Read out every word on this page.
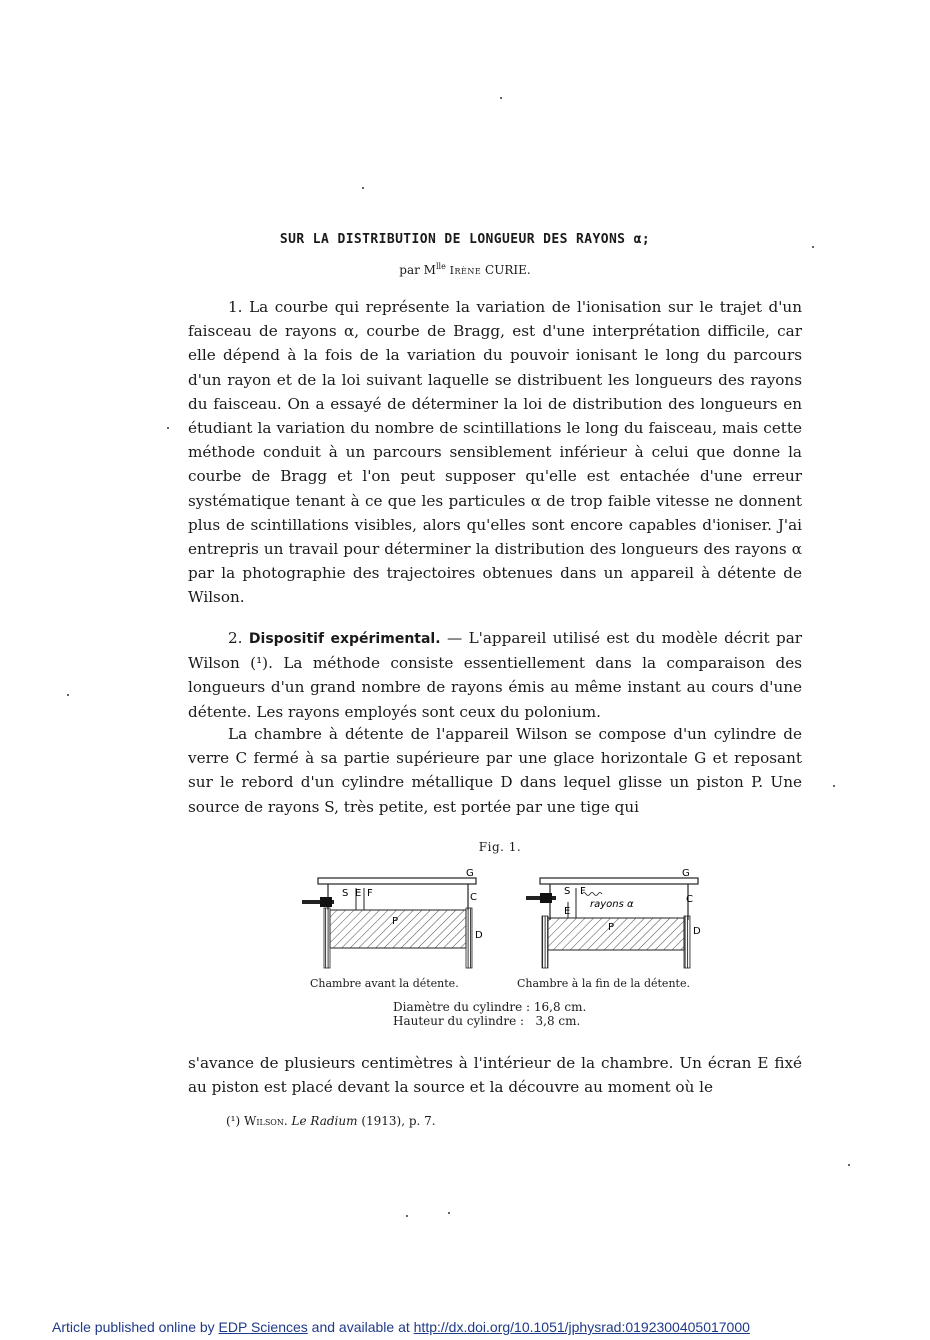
SUR LA DISTRIBUTION DE LONGUEUR DES RAYONS α;
par $M^{lle}$ Irène CURIE.

1. La courbe qui représente la variation de l'ionisation sur le trajet d'un faisceau de rayons α, courbe de Bragg, est d'une interprétation difficile, car elle dépend à la fois de la variation du pouvoir ionisant le long du parcours d'un rayon et de la loi suivant laquelle se distribuent les longueurs des rayons du faisceau. On a essayé de déterminer la loi de distribution des longueurs en étudiant la variation du nombre de scintillations le long du faisceau, mais cette méthode conduit à un parcours sensiblement inférieur à celui que donne la courbe de Bragg et l'on peut supposer qu'elle est entachée d'une erreur systématique tenant à ce que les particules α de trop faible vitesse ne donnent plus de scintillations visibles, alors qu'elles sont encore capables d'ioniser. J'ai entrepris un travail pour déterminer la distribution des longueurs des rayons α par la photographie des trajectoires obtenues dans un appareil à détente de Wilson.

2. Dispositif expérimental. — L'appareil utilisé est du modèle décrit par Wilson (¹). La méthode consiste essentiellement dans la comparaison des longueurs d'un grand nombre de rayons émis au même instant au cours d'une détente. Les rayons employés sont ceux du polonium.

La chambre à détente de l'appareil Wilson se compose d'un cylindre de verre C fermé à sa partie supérieure par une glace horizontale G et reposant sur le rebord d'un cylindre métallique D dans lequel glisse un piston P. Une source de rayons S, très petite, est portée par une tige qui

Fig. 1.
S E F
G
C
D
P
S
E
F
rayons α
G
C
D
P
Chambre avant la détente.	Chambre à la fin de la détente.
Diamètre du cylindre : 16,8 cm.
Hauteur du cylindre :   3,8 cm.

s'avance de plusieurs centimètres à l'intérieur de la chambre. Un écran E fixé au piston est placé devant la source et la découvre au moment où le

(¹) Wilson. Le Radium (1913), p. 7.
Article published online by EDP Sciences and available at http://dx.doi.org/10.1051/jphysrad:0192300405017000
